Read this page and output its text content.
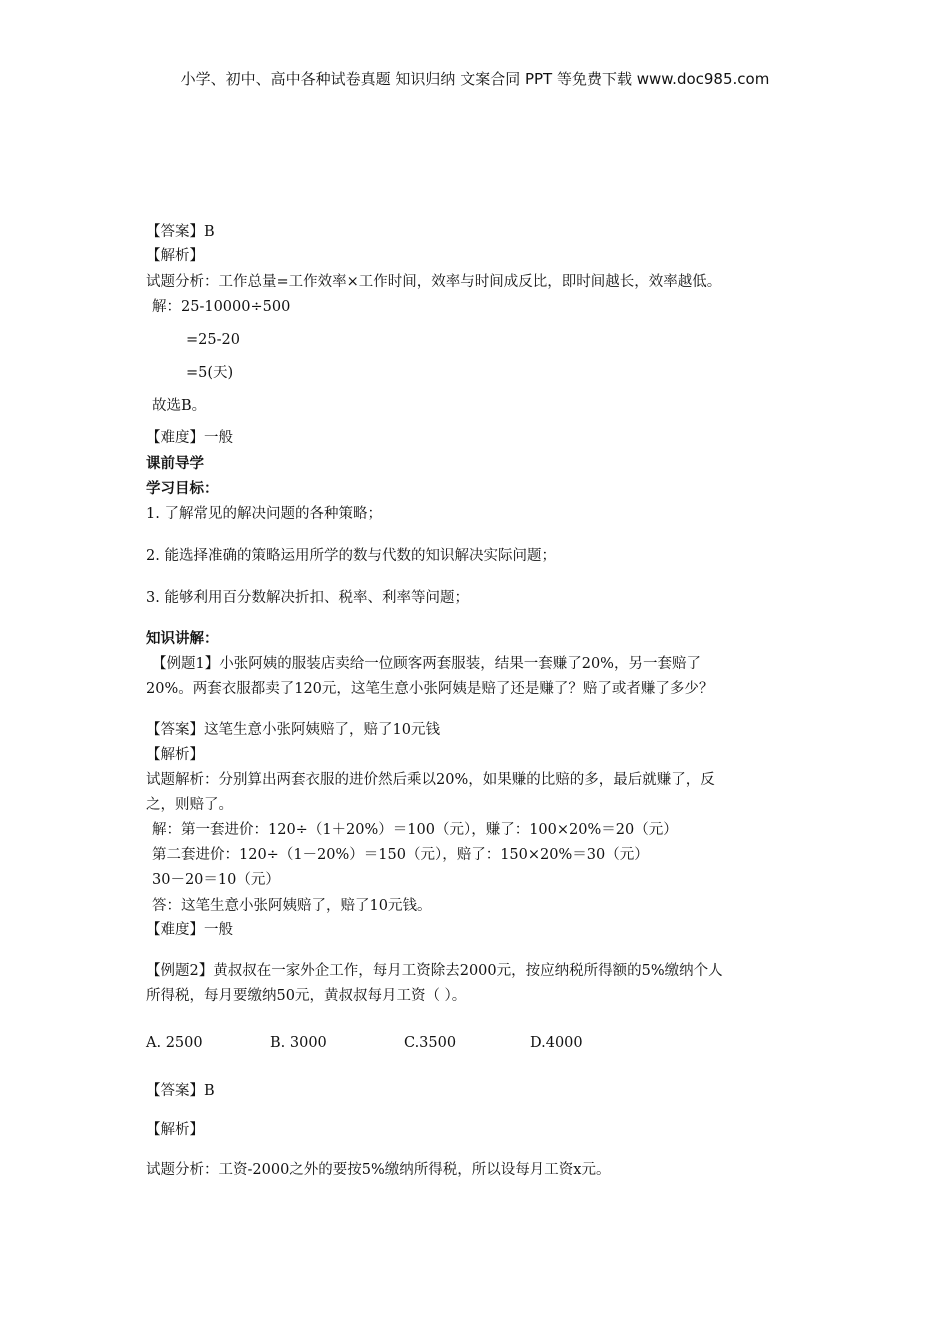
小学、初中、高中各种试卷真题 知识归纳 文案合同 PPT 等免费下载 www.doc985.com
【答案】B
【解析】
试题分析：工作总量=工作效率×工作时间，效率与时间成反比，即时间越长，效率越低。
解：25-10000÷500
=25-20
=5(天)
故选B。
【难度】一般
课前导学
学习目标：
1. 了解常见的解决问题的各种策略；
2. 能选择准确的策略运用所学的数与代数的知识解决实际问题；
3. 能够利用百分数解决折扣、税率、利率等问题；
知识讲解：
【例题1】小张阿姨的服装店卖给一位顾客两套服装，结果一套赚了20%，另一套赔了
20%。两套衣服都卖了120元，这笔生意小张阿姨是赔了还是赚了？赔了或者赚了多少？
【答案】这笔生意小张阿姨赔了，赔了10元钱
【解析】
试题解析：分别算出两套衣服的进价然后乘以20%，如果赚的比赔的多，最后就赚了，反
之，则赔了。
解：第一套进价：120÷（1＋20%）＝100（元），赚了：100×20%＝20（元）
第二套进价：120÷（1－20%）＝150（元），赔了：150×20%＝30（元）
30－20＝10（元）
答：这笔生意小张阿姨赔了，赔了10元钱。
【难度】一般
【例题2】黄叔叔在一家外企工作，每月工资除去2000元，按应纳税所得额的5%缴纳个人
所得税，每月要缴纳50元，黄叔叔每月工资（ ）。
A. 2500	B. 3000	C.3500	D.4000
【答案】B
【解析】
试题分析：工资-2000之外的要按5%缴纳所得税，所以设每月工资x元。
